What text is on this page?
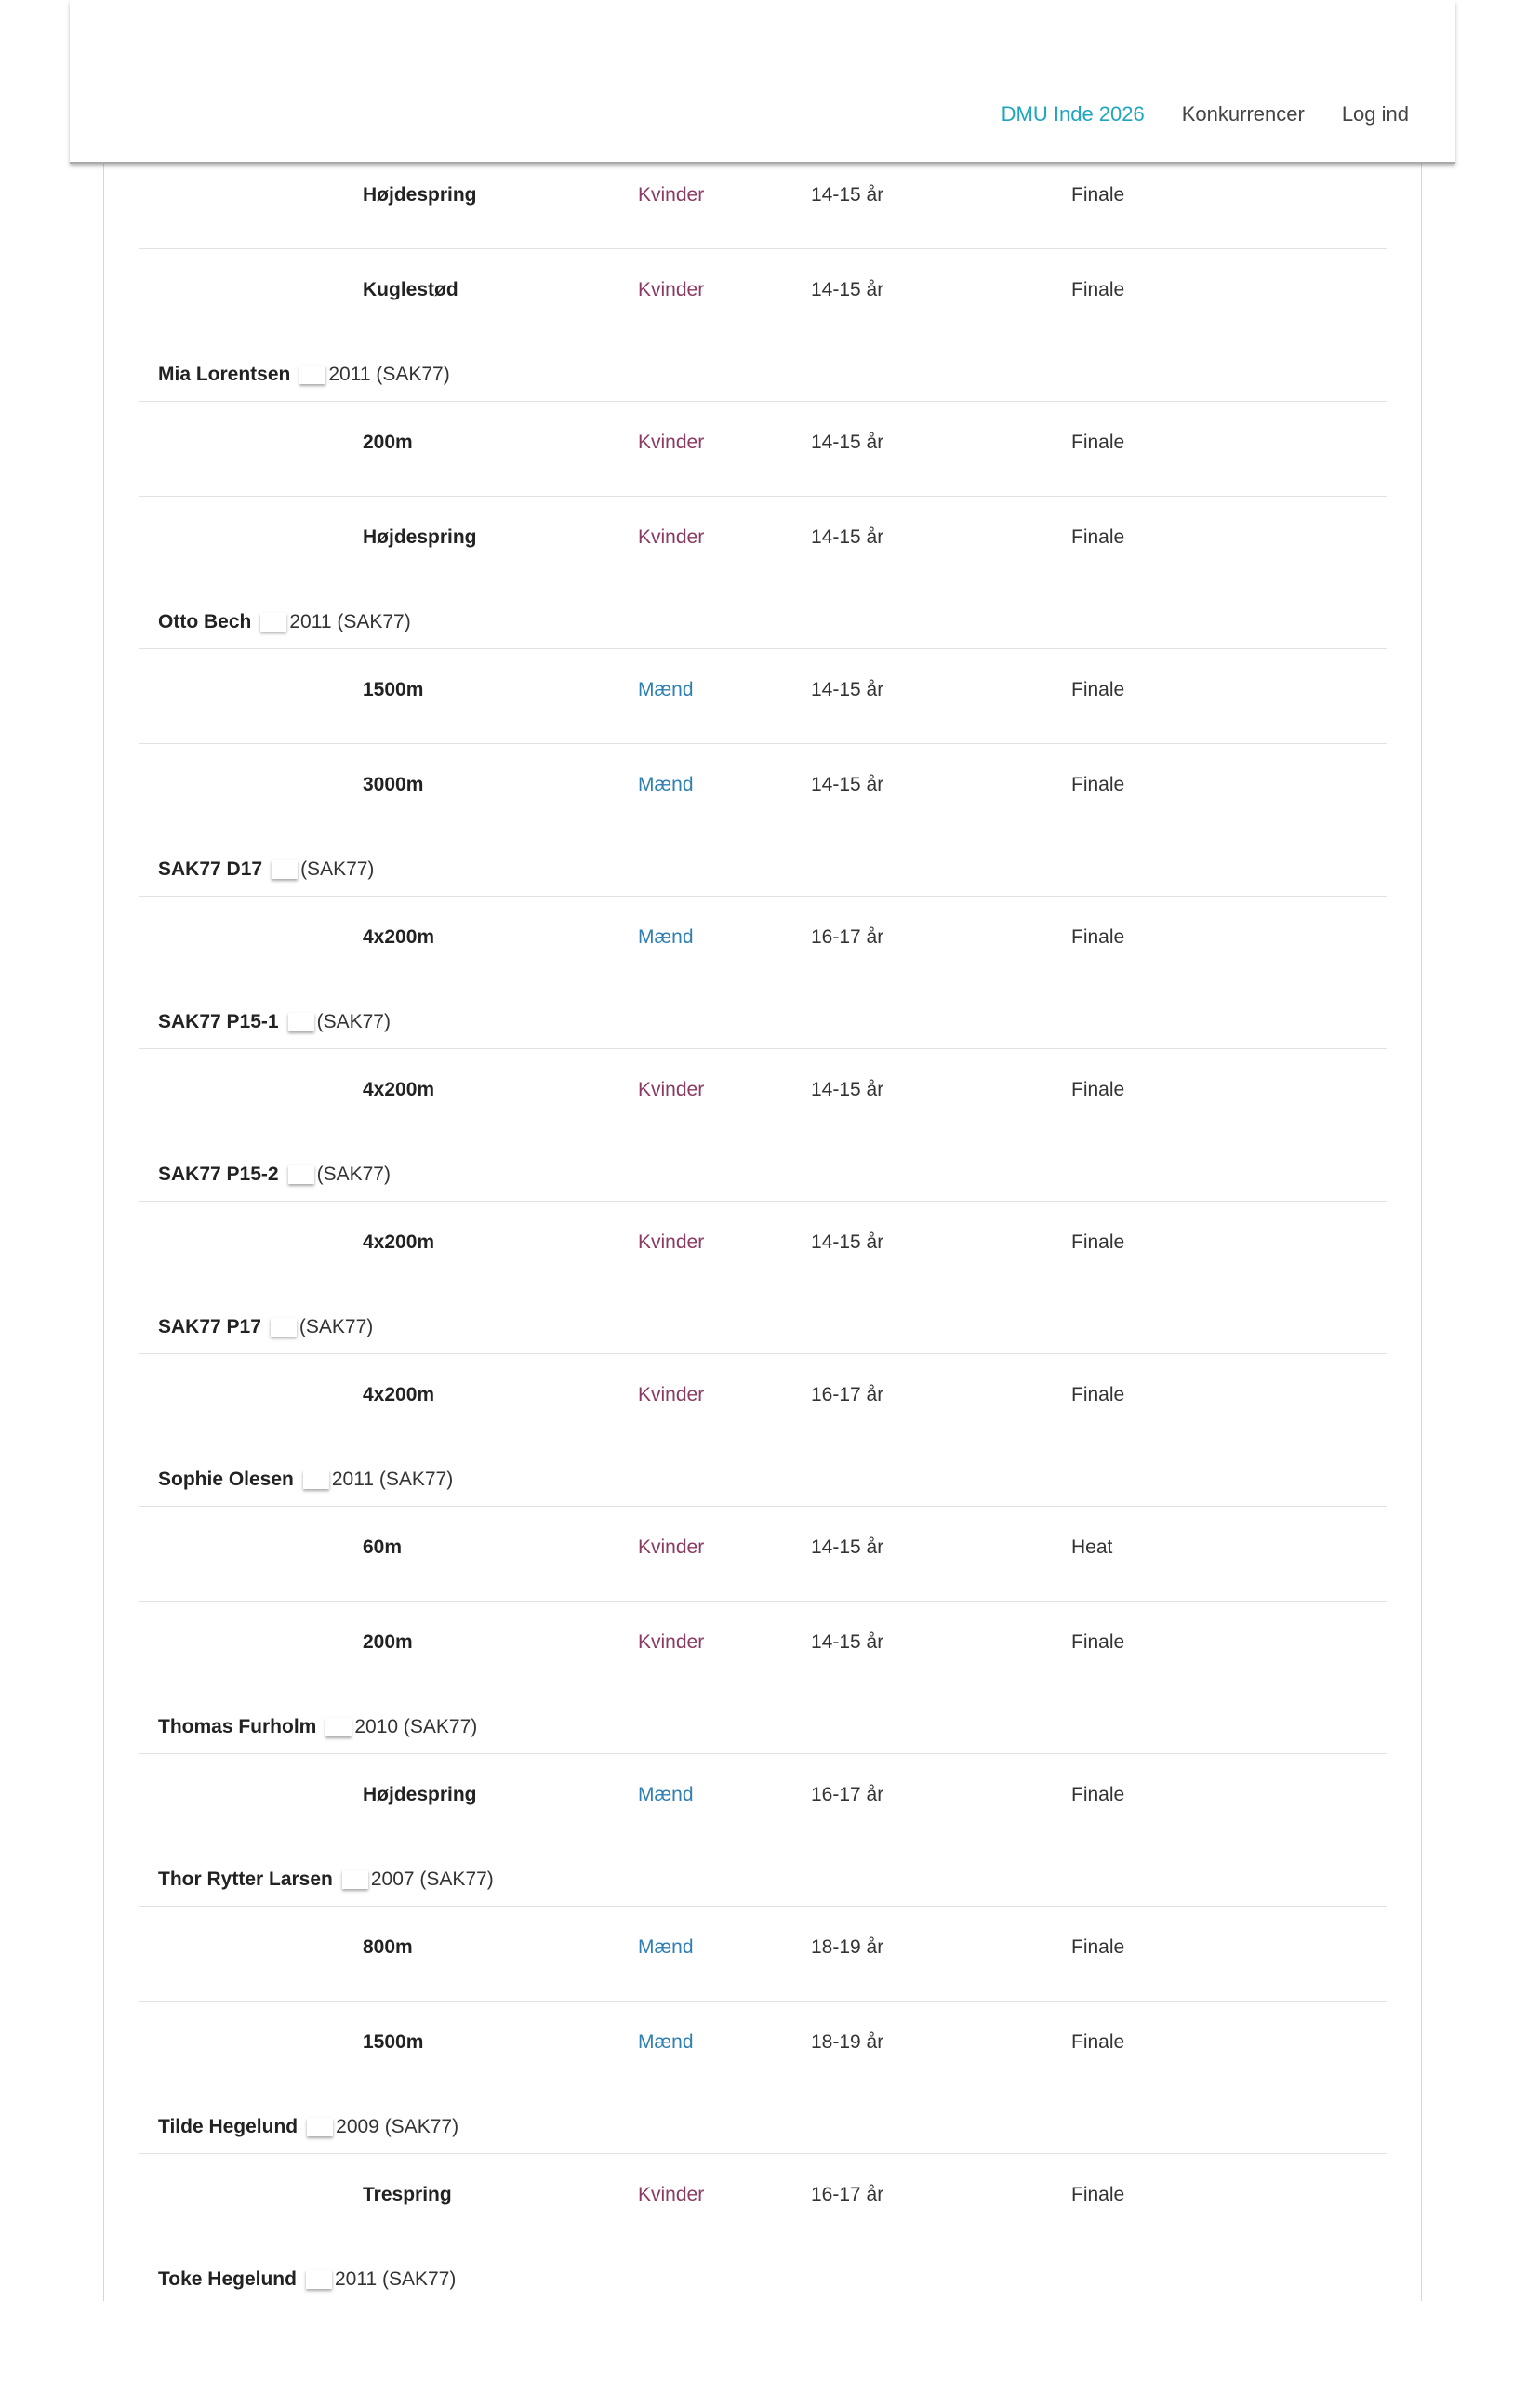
DMU Inde 2026 Konkurrencer Log ind
Højdespring	Kvinder	14-15 år	Finale
Kuglestød	Kvinder	14-15 år	Finale
Mia Lorentsen 2011 (SAK77)
200m	Kvinder	14-15 år	Finale
Højdespring	Kvinder	14-15 år	Finale
Otto Bech 2011 (SAK77)
1500m	Mænd	14-15 år	Finale
3000m	Mænd	14-15 år	Finale
SAK77 D17 (SAK77)
4x200m	Mænd	16-17 år	Finale
SAK77 P15-1 (SAK77)
4x200m	Kvinder	14-15 år	Finale
SAK77 P15-2 (SAK77)
4x200m	Kvinder	14-15 år	Finale
SAK77 P17 (SAK77)
4x200m	Kvinder	16-17 år	Finale
Sophie Olesen 2011 (SAK77)
60m	Kvinder	14-15 år	Heat
200m	Kvinder	14-15 år	Finale
Thomas Furholm 2010 (SAK77)
Højdespring	Mænd	16-17 år	Finale
Thor Rytter Larsen 2007 (SAK77)
800m	Mænd	18-19 år	Finale
1500m	Mænd	18-19 år	Finale
Tilde Hegelund 2009 (SAK77)
Trespring	Kvinder	16-17 år	Finale
Toke Hegelund 2011 (SAK77)
